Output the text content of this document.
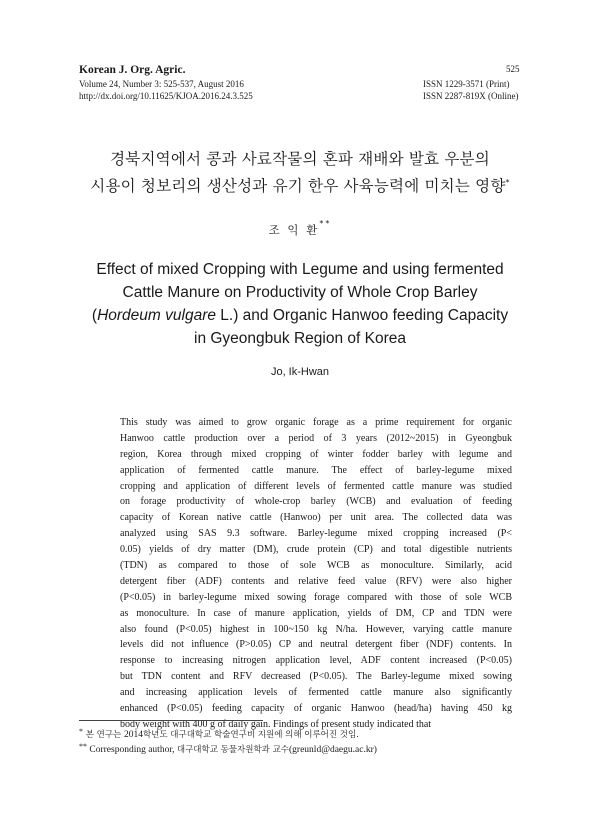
Korean J. Org. Agric.
Volume 24, Number 3: 525-537, August 2016
http://dx.doi.org/10.11625/KJOA.2016.24.3.525
525
ISSN 1229-3571 (Print)
ISSN 2287-819X (Online)
경북지역에서 콩과 사료작물의 혼파 재배와 발효 우분의
시용이 청보리의 생산성과 유기 한우 사육능력에 미치는 영향*
조 익 환**
Effect of mixed Cropping with Legume and using fermented
Cattle Manure on Productivity of Whole Crop Barley
(Hordeum vulgare L.) and Organic Hanwoo feeding Capacity
in Gyeongbuk Region of Korea
Jo, Ik-Hwan
This study was aimed to grow organic forage as a prime requirement for organic
Hanwoo cattle production over a period of 3 years (2012~2015) in Gyeongbuk
region, Korea through mixed cropping of winter fodder barley with legume and
application of fermented cattle manure. The effect of barley-legume mixed
cropping and application of different levels of fermented cattle manure was studied
on forage productivity of whole-crop barley (WCB) and evaluation of feeding
capacity of Korean native cattle (Hanwoo) per unit area. The collected data was
analyzed using SAS 9.3 software. Barley-legume mixed cropping increased (P<
0.05) yields of dry matter (DM), crude protein (CP) and total digestible nutrients
(TDN) as compared to those of sole WCB as monoculture. Similarly, acid
detergent fiber (ADF) contents and relative feed value (RFV) were also higher
(P<0.05) in barley-legume mixed sowing forage compared with those of sole WCB
as monoculture. In case of manure application, yields of DM, CP and TDN were
also found (P<0.05) highest in 100~150 kg N/ha. However, varying cattle manure
levels did not influence (P>0.05) CP and neutral detergent fiber (NDF) contents. In
response to increasing nitrogen application level, ADF content increased (P<0.05)
but TDN content and RFV decreased (P<0.05). The Barley-legume mixed sowing
and increasing application levels of fermented cattle manure also significantly
enhanced (P<0.05) feeding capacity of organic Hanwoo (head/ha) having 450 kg
body weight with 400 g of daily gain. Findings of present study indicated that
* 본 연구는 2014학년도 대구대학교 학술연구비 지원에 의해 이루어진 것임.
** Corresponding author, 대구대학교 동물자원학과 교수(greunld@daegu.ac.kr)
